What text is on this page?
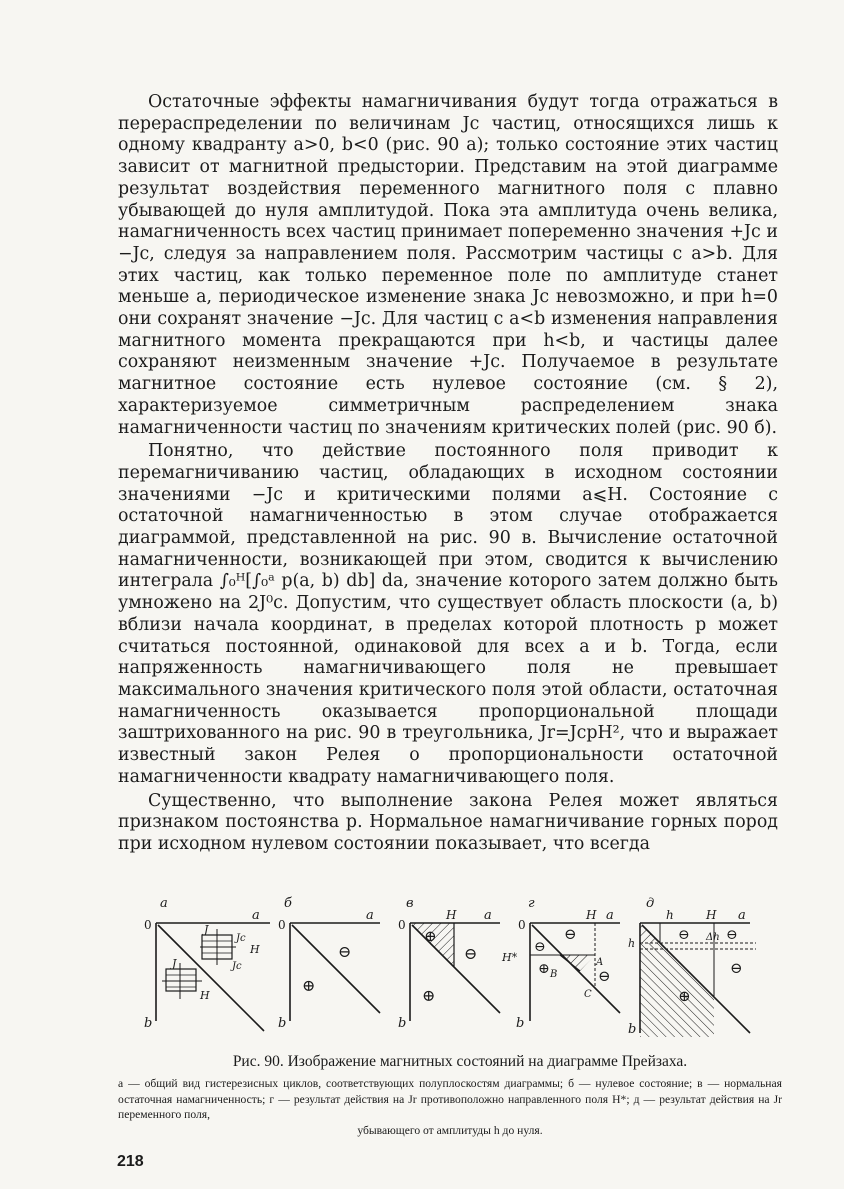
Остаточные эффекты намагничивания будут тогда отражаться в перераспределении по величинам Jc частиц, относящихся лишь к одному квадранту a>0, b<0 (рис. 90 a); только состояние этих частиц зависит от магнитной предыстории. Представим на этой диаграмме результат воздействия переменного магнитного поля с плавно убывающей до нуля амплитудой. Пока эта амплитуда очень велика, намагниченность всех частиц принимает попеременно значения +Jc и −Jc, следуя за направлением поля. Рассмотрим частицы с a>b. Для этих частиц, как только переменное поле по амплитуде станет меньше a, периодическое изменение знака Jc невозможно, и при h=0 они сохранят значение −Jc. Для частиц с a<b изменения направления магнитного момента прекращаются при h<b, и частицы далее сохраняют неизменным значение +Jc. Получаемое в результате магнитное состояние есть нулевое состояние (см. § 2), характеризуемое симметричным распределением знака намагниченности частиц по значениям критических полей (рис. 90 б).

Понятно, что действие постоянного поля приводит к перемагничиванию частиц, обладающих в исходном состоянии значениями −Jc и критическими полями a⩽H. Состояние с остаточной намагниченностью в этом случае отображается диаграммой, представленной на рис. 90 в. Вычисление остаточной намагниченности, возникающей при этом, сводится к вычислению интеграла ∫₀ᴴ[∫₀ᵃ p(a, b) db] da, значение которого затем должно быть умножено на 2J⁰c. Допустим, что существует область плоскости (a, b) вблизи начала координат, в пределах которой плотность p может считаться постоянной, одинаковой для всех a и b. Тогда, если напряженность намагничивающего поля не превышает максимального значения критического поля этой области, остаточная намагниченность оказывается пропорциональной площади заштрихованного на рис. 90 в треугольника, Jr=JcpH², что и выражает известный закон Релея о пропорциональности остаточной намагниченности квадрату намагничивающего поля.

Существенно, что выполнение закона Релея может являться признаком постоянства p. Нормальное намагничивание горных пород при исходном нулевом состоянии показывает, что всегда

а
0
a
b
J
Jc
H
J	Jc
H
б
0
a
b
⊖
⊕
в
0
a
b
H
⊕
⊖
⊕
г
0
a
b
H
H*	A
B
C
⊖
⊖
⊕	⊖
д
a
b
h	H
h	Δh
⊖	⊖
⊖
⊕
Рис. 90. Изображение магнитных состояний на диаграмме Прейзаха.
а — общий вид гистерезисных циклов, соответствующих полуплоскостям диаграммы; б — нулевое состояние; в — нормальная остаточная намагниченность; г — результат действия на Jr противоположно направленного поля H*; д — результат действия на Jr переменного поля,
убывающего от амплитуды h до нуля.
218
